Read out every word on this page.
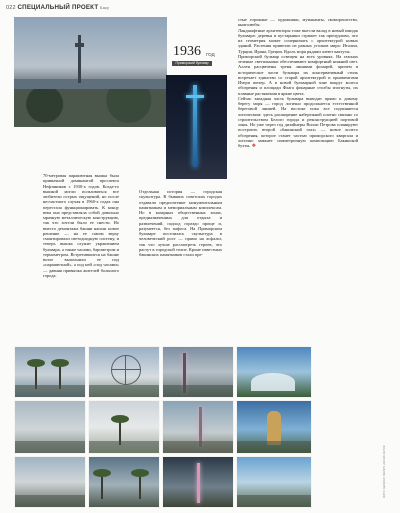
022 СПЕЦИАЛЬНЫЙ ПРОЕКТ Баку
1936 ГОД
Приморский бульвар

70-метровая парашютная вышка была привычной доминантой проспекта Нефтяников с 1930-х годов. Когда-то вышкой могли пользоваться все любители острых ощущений, но после несчастного случая в 1960-х годах она перестала функционировать. К концу века она представляла собой довольно мрачную металлическую конструкцию, так что хотели было ее снести. Но вместо демонтажа башни нашли новое решение — на ее самом верху смонтировали светодиодную систему, и теперь вышка служит украшением бульвара, а также часами, барометром и термометром. Встретившиеся на башне возле выполнили ее под «парашютной», а под ней «под часами» — давняя привычка жителей большого города.

Отдельная история — городская скульптура. В бывших советских городах отдавали предпочтение монументальным памятникам и мемориальным комплексам. Но в казарных общественных зонах, предназначенных для отдыха и развлечений, подход гораздо проще и, разумеется, без пафоса. На Приморском бульваре поселилась скульптура в человеческий рост — прямо на асфальт, так что лучше рассмотреть героев, что растут в городской толпе. Кроме известных бакинских памятников стали пре-

стые горожане — художники, музыканты, скоморошество, книголюбы.

Ландшафтные архитекторы тоже внесли вклад в новый имидж бульвара: деревья и кустарники стрижет так причудливо, что их геометрия может соперничать с архитектурой новых зданий. Растения привезли из разных уголков мира: Италии, Турции, Ирана, Греции. Вдоль моря рядами алеют кактусы.

Приморский бульвар освещен на всех уровнях. На газонах зеленые светильники обеспечивают комфортный нижний свет. Аллеи расцвечены тремя линиями фонарей, причем в историческое части бульвара их консервативный стиль встречает единство со старой архитектурой и орнаментами Ичери шехер. А в новой бульварной зоне вокруг колеса обозрения и площади Флага фонарные столбы изогнуты, их плавные растяжения в яркие цвета.

Сейчас западная часть бульвара выводит прямо к дикому берегу моря — город логично продолжается естественной береговой линией. На востоке пока все подчиняется логическим: здесь расширение набережной плотно связано со строительством Белого города и реконструкцией портовой зоны. Но уже через год дизайнеры Вилли Петрова планируют построить второй «бакинский глаз» — новое колесо обозрения, которое станет частью приморского квартала и логично замкнет симметричную композицию Бакинской бухты. ❖

ФОТО: GEORGIY, MUZEYI, ARCHIV AUTOR
